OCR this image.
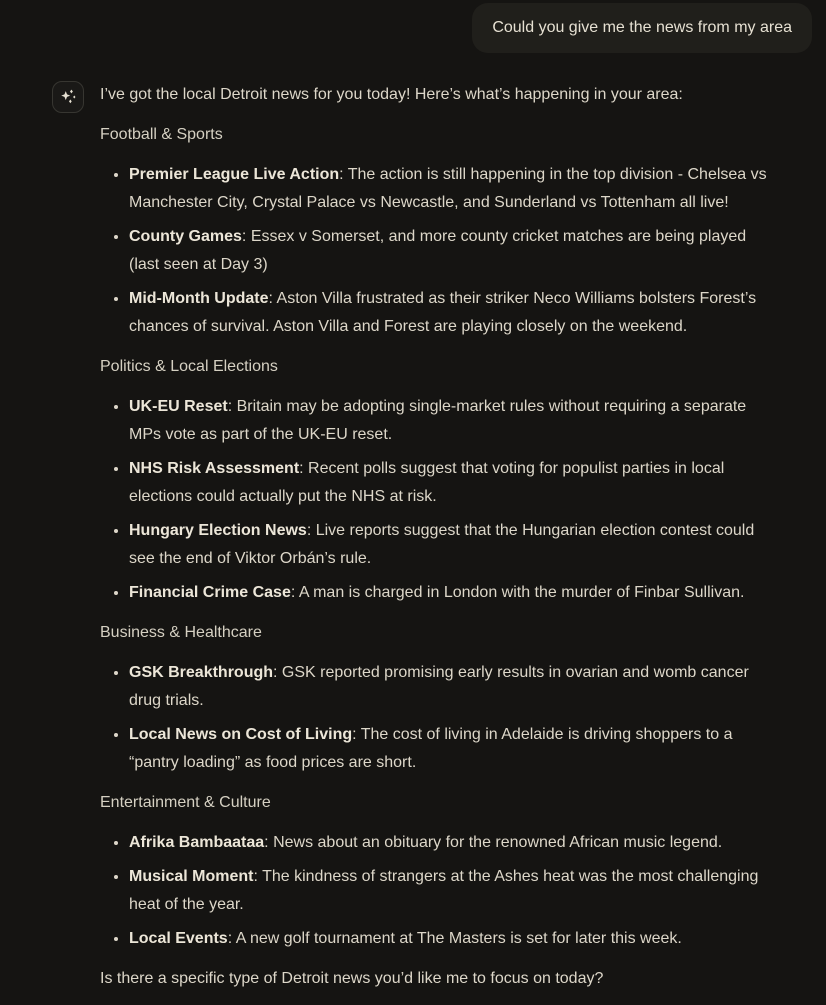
Could you give me the news from my area

I’ve got the local Detroit news for you today! Here’s what’s happening in your area:

Football & Sports
• Premier League Live Action: The action is still happening in the top division - Chelsea vs Manchester City, Crystal Palace vs Newcastle, and Sunderland vs Tottenham all live!
• County Games: Essex v Somerset, and more county cricket matches are being played (last seen at Day 3)
• Mid-Month Update: Aston Villa frustrated as their striker Neco Williams bolsters Forest’s chances of survival. Aston Villa and Forest are playing closely on the weekend.
Politics & Local Elections
• UK-EU Reset: Britain may be adopting single-market rules without requiring a separate MPs vote as part of the UK-EU reset.
• NHS Risk Assessment: Recent polls suggest that voting for populist parties in local elections could actually put the NHS at risk.
• Hungary Election News: Live reports suggest that the Hungarian election contest could see the end of Viktor Orbán’s rule.
• Financial Crime Case: A man is charged in London with the murder of Finbar Sullivan.
Business & Healthcare
• GSK Breakthrough: GSK reported promising early results in ovarian and womb cancer drug trials.
• Local News on Cost of Living: The cost of living in Adelaide is driving shoppers to a “pantry loading” as food prices are short.
Entertainment & Culture
• Afrika Bambaataa: News about an obituary for the renowned African music legend.
• Musical Moment: The kindness of strangers at the Ashes heat was the most challenging heat of the year.
• Local Events: A new golf tournament at The Masters is set for later this week.

Is there a specific type of Detroit news you’d like me to focus on today?
